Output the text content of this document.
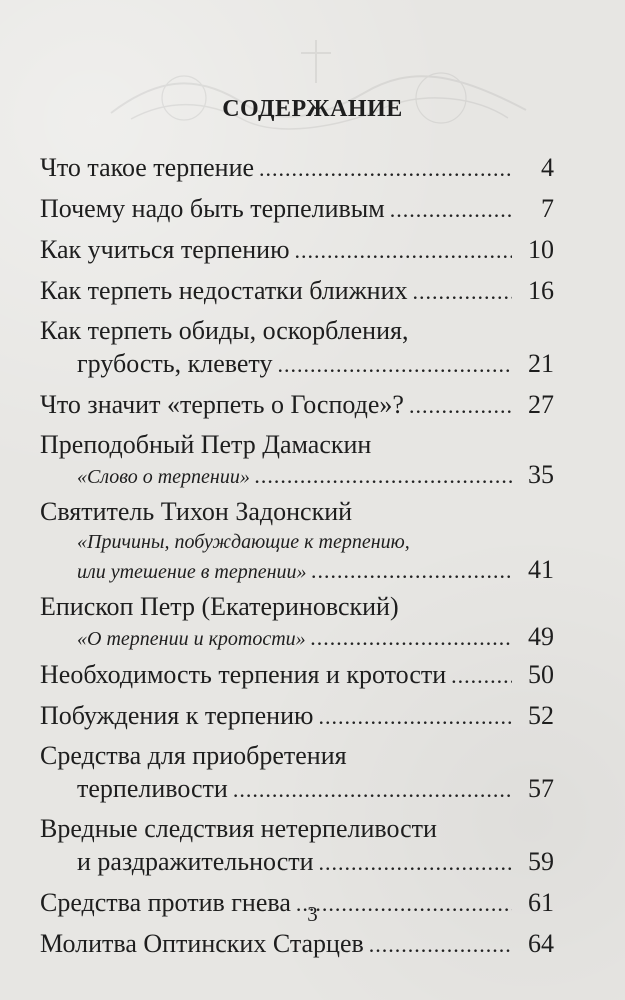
СОДЕРЖАНИЕ
Что такое терпение .....	4
Почему надо быть терпеливым .....	7
Как учиться терпению .....	10
Как терпеть недостатки ближних .....	16
Как терпеть обиды, оскорбления,
грубость, клевету .....	21
Что значит «терпеть о Господе»? .....	27
Преподобный Петр Дамаскин
«Слово о терпении» .....	35
Святитель Тихон Задонский
«Причины, побуждающие к терпению,
или утешение в терпении» .....	41
Епископ Петр (Екатериновский)
«О терпении и кротости» .....	49
Необходимость терпения и кротости .....	50
Побуждения к терпению .....	52
Средства для приобретения
терпеливости .....	57
Вредные следствия нетерпеливости
и раздражительности .....	59
Средства против гнева .....	61
Молитва Оптинских Старцев .....	64
3
